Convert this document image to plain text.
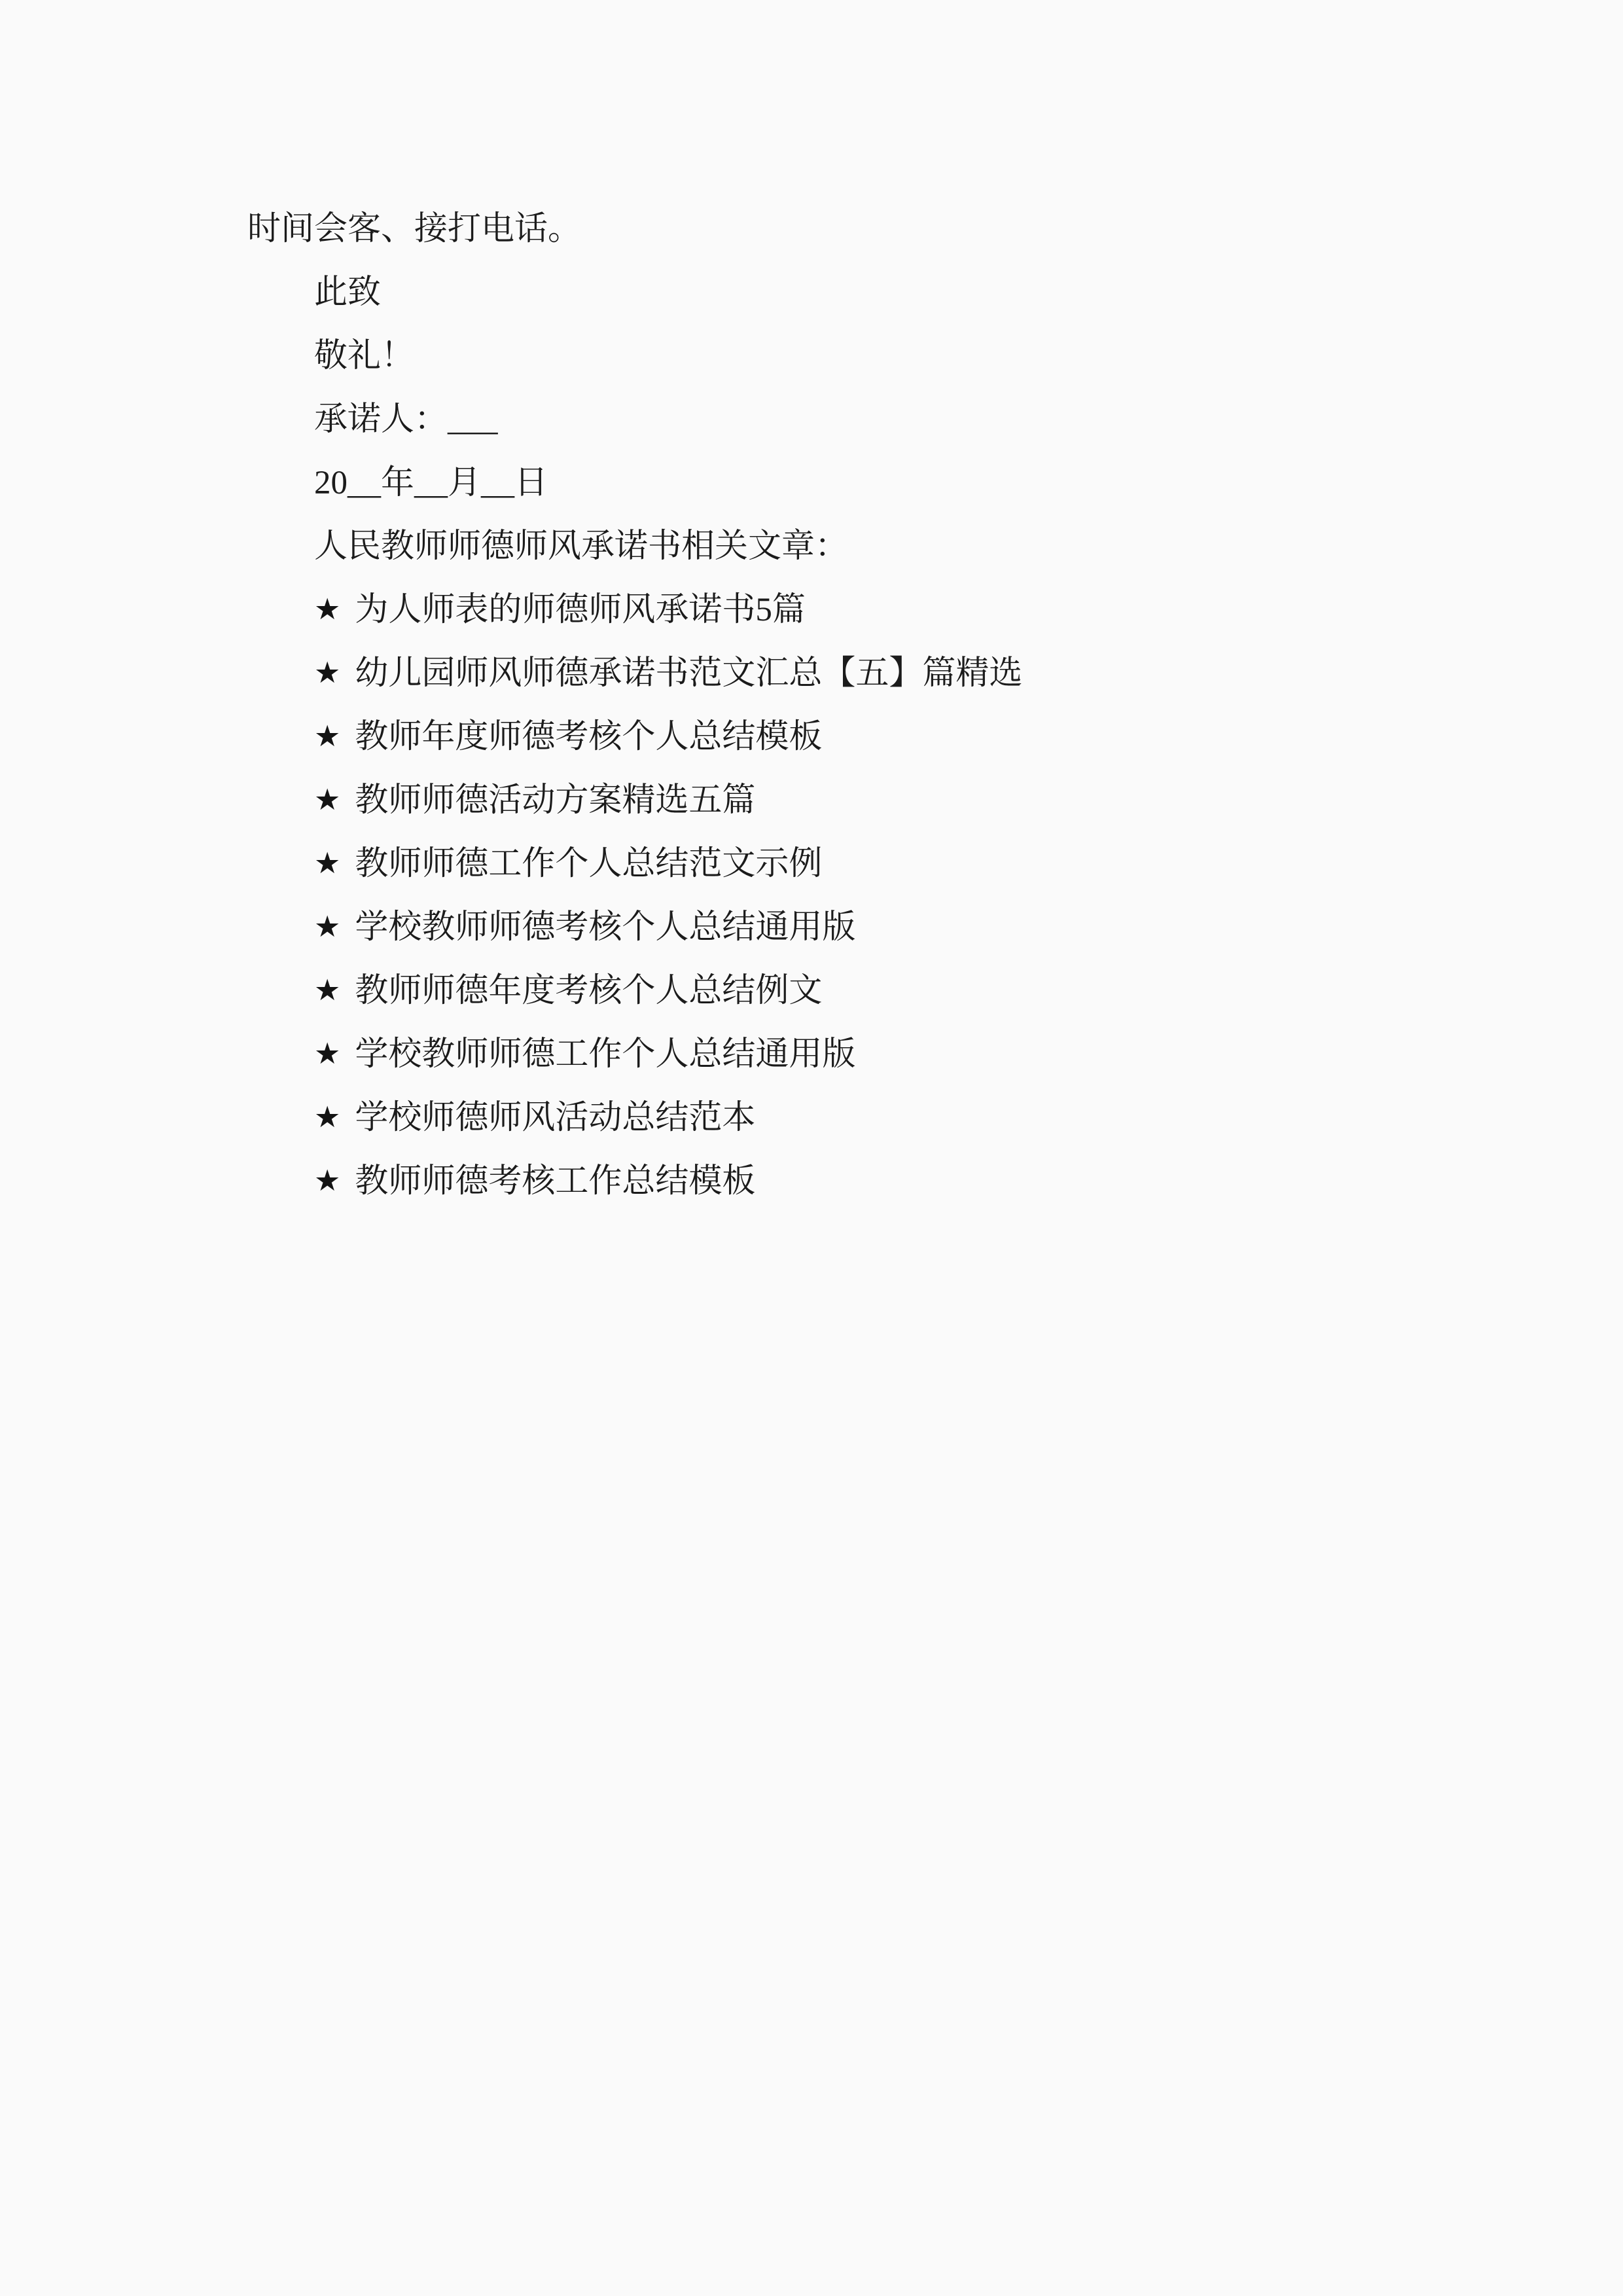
时间会客、接打电话。

此致

敬礼！

承诺人：___

20__年__月__日

人民教师师德师风承诺书相关文章：

★ 为人师表的师德师风承诺书5篇

★ 幼儿园师风师德承诺书范文汇总【五】篇精选

★ 教师年度师德考核个人总结模板

★ 教师师德活动方案精选五篇

★ 教师师德工作个人总结范文示例

★ 学校教师师德考核个人总结通用版

★ 教师师德年度考核个人总结例文

★ 学校教师师德工作个人总结通用版

★ 学校师德师风活动总结范本

★ 教师师德考核工作总结模板
